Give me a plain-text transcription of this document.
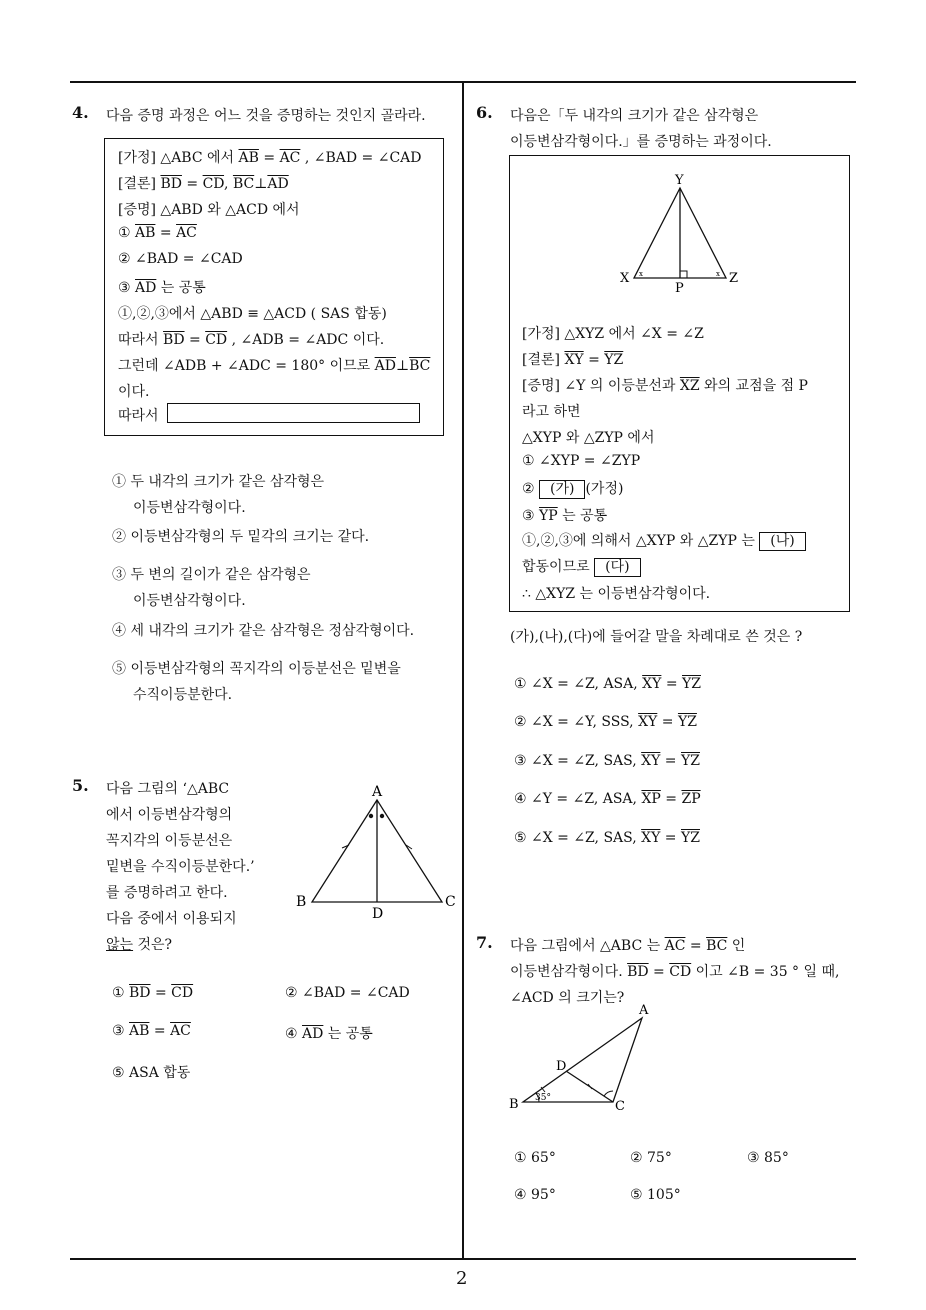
4. 다음 증명 과정은 어느 것을 증명하는 것인지 골라라.
[가정] △ABC 에서 $\overline{AB} = \overline{AC}$ , ∠BAD = ∠CAD
[결론] $\overline{BD} = \overline{CD}$, $\overline{BC}\perp\overline{AD}$
[증명] △ABD 와 △ACD 에서
① $\overline{AB} = \overline{AC}$
② ∠BAD = ∠CAD
③ $\overline{AD}$ 는 공통
①,②,③에서 △ABD ≡ △ACD ( SAS 합동)
따라서 $\overline{BD} = \overline{CD}$ , ∠ADB = ∠ADC 이다.
그런데 ∠ADB + ∠ADC = 180° 이므로 $\overline{AD}\perp\overline{BC}$
이다.
따라서
① 두 내각의 크기가 같은 삼각형은
이등변삼각형이다.
② 이등변삼각형의 두 밑각의 크기는 같다.
③ 두 변의 길이가 같은 삼각형은
이등변삼각형이다.
④ 세 내각의 크기가 같은 삼각형은 정삼각형이다.
⑤ 이등변삼각형의 꼭지각의 이등분선은 밑변을
수직이등분한다.
5. 다음 그림의 ‘△ABC
에서 이등변삼각형의
꼭지각의 이등분선은
밑변을 수직이등분한다.’
를 증명하려고 한다.
다음 중에서 이용되지
않는 것은?
A
B	C
D
① $\overline{BD} = \overline{CD}$	② ∠BAD = ∠CAD
③ $\overline{AB} = \overline{AC}$	④ $\overline{AD}$ 는 공통
⑤ ASA 합동
6. 다음은「두 내각의 크기가 같은 삼각형은
이등변삼각형이다.」를 증명하는 과정이다.
x	x
Y
X	Z
P
[가정] △XYZ 에서 ∠X = ∠Z
[결론] $\overline{XY} = \overline{YZ}$
[증명] ∠Y 의 이등분선과 $\overline{XZ}$ 와의 교점을 점 P
라고 하면
△XYP 와 △ZYP 에서
① ∠XYP = ∠ZYP
② (가) (가정)
③ $\overline{YP}$ 는 공통
①,②,③에 의해서 △XYP 와 △ZYP 는 (나)
합동이므로 (다)
∴ △XYZ 는 이등변삼각형이다.
(가),(나),(다)에 들어갈 말을 차례대로 쓴 것은 ?
① ∠X = ∠Z, ASA, $\overline{XY} = \overline{YZ}$
② ∠X = ∠Y, SSS, $\overline{XY} = \overline{YZ}$
③ ∠X = ∠Z, SAS, $\overline{XY} = \overline{YZ}$
④ ∠Y = ∠Z, ASA, $\overline{XP} = \overline{ZP}$
⑤ ∠X = ∠Z, SAS, $\overline{XY} = \overline{YZ}$
7. 다음 그림에서 △ABC 는 $\overline{AC} = \overline{BC}$ 인
이등변삼각형이다. $\overline{BD} = \overline{CD}$ 이고 ∠B = 35 ° 일 때,
∠ACD 의 크기는?
A
D
B	C
35°
① 65°	② 75°	③ 85°
④ 95°	⑤ 105°
2
